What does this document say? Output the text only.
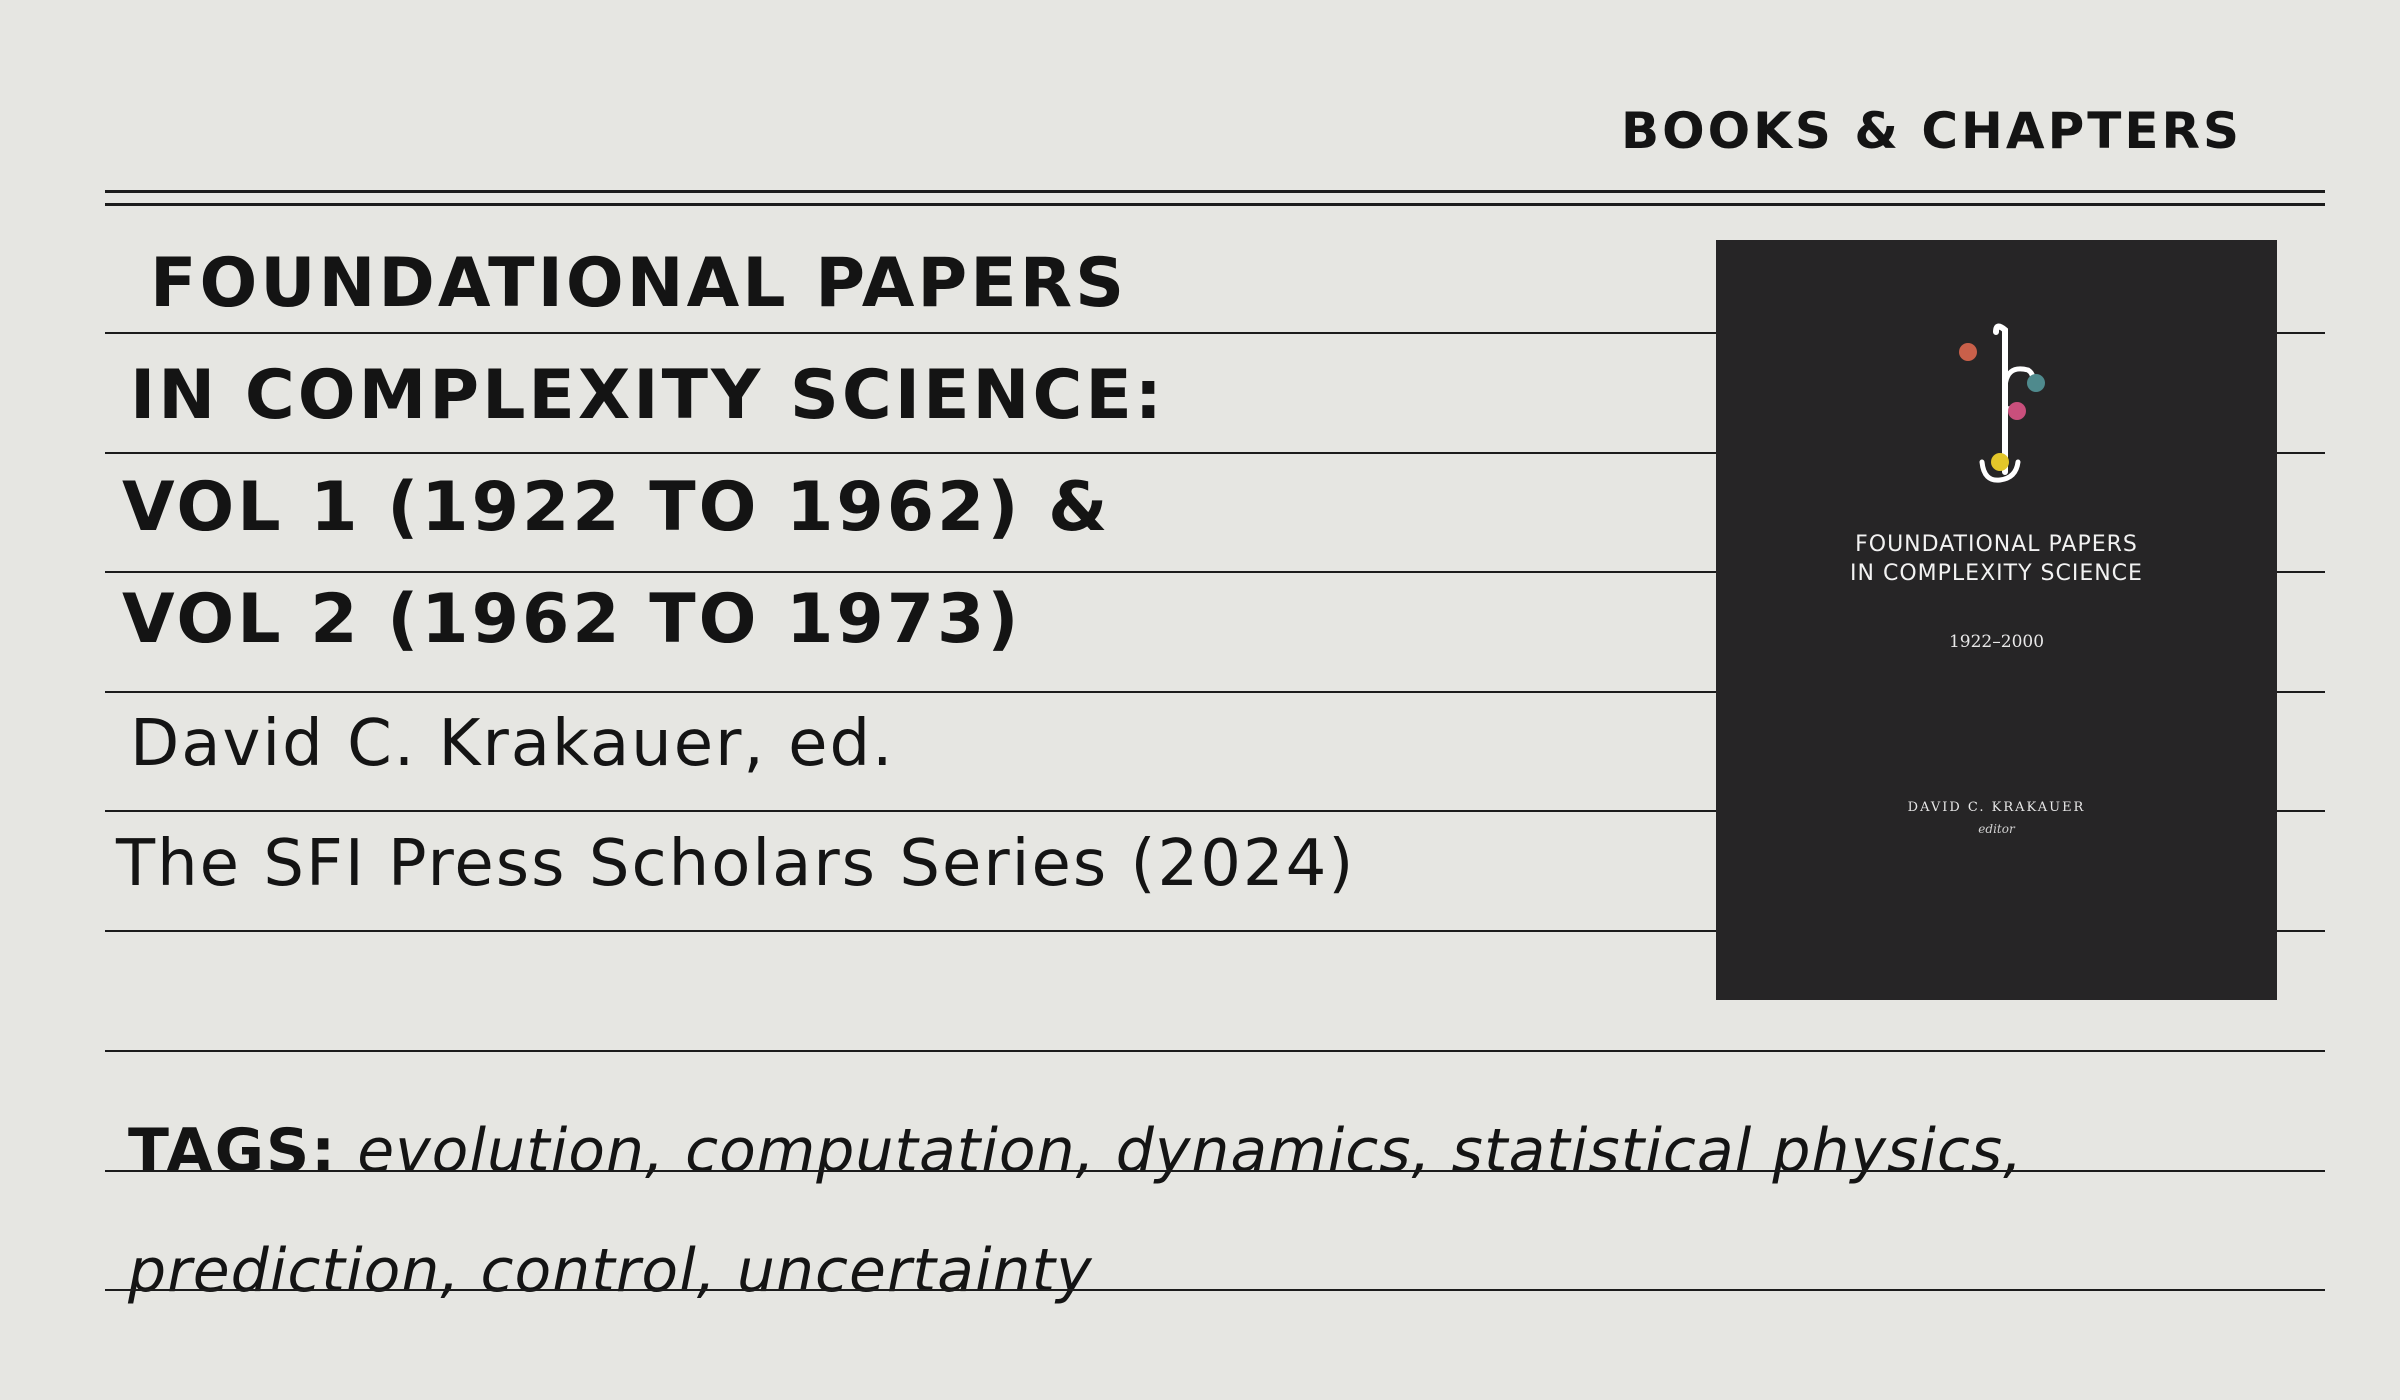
BOOKS & CHAPTERS
FOUNDATIONAL PAPERS
IN COMPLEXITY SCIENCE:
VOL 1 (1922 TO 1962) &
VOL 2 (1962 TO 1973)
David C. Krakauer, ed.
The SFI Press Scholars Series (2024)
FOUNDATIONAL PAPERS
IN COMPLEXITY SCIENCE
1922–2000
DAVID C. KRAKAUER
editor
TAGS: evolution, computation, dynamics, statistical physics, prediction, control, uncertainty
